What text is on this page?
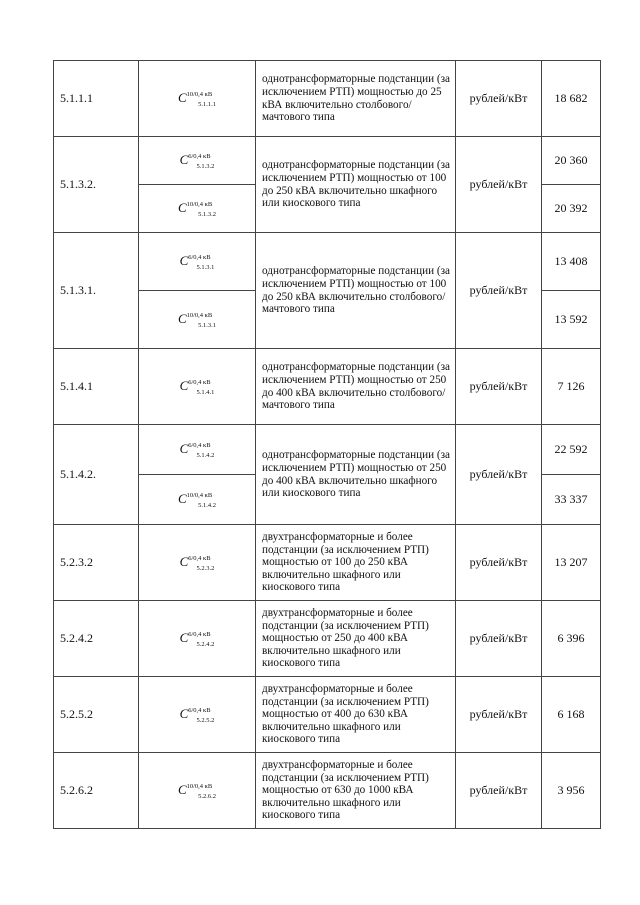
5.1.1.1	$C^{10/0,4 кВ}_{5.1.1.1}$	однотрансформаторные подстанции (за исключением РТП) мощностью до 25 кВА включительно столбового/мачтового типа	рублей/кВт	18 682
5.1.3.2.	$C^{6/0,4 кВ}_{5.1.3.2}$	однотрансформаторные подстанции (за исключением РТП) мощностью от 100 до 250 кВА включительно шкафного или киоскового типа	рублей/кВт	20 360
	$C^{10/0,4 кВ}_{5.1.3.2}$			20 392
5.1.3.1.	$C^{6/0,4 кВ}_{5.1.3.1}$	однотрансформаторные подстанции (за исключением РТП) мощностью от 100 до 250 кВА включительно столбового/мачтового типа	рублей/кВт	13 408
	$C^{10/0,4 кВ}_{5.1.3.1}$			13 592
5.1.4.1	$C^{6/0,4 кВ}_{5.1.4.1}$	однотрансформаторные подстанции (за исключением РТП) мощностью от 250 до 400 кВА включительно столбового/мачтового типа	рублей/кВт	7 126
5.1.4.2.	$C^{6/0,4 кВ}_{5.1.4.2}$	однотрансформаторные подстанции (за исключением РТП) мощностью от 250 до 400 кВА включительно шкафного или киоскового типа	рублей/кВт	22 592
	$C^{10/0,4 кВ}_{5.1.4.2}$			33 337
5.2.3.2	$C^{6/0,4 кВ}_{5.2.3.2}$	двухтрансформаторные и более подстанции (за исключением РТП) мощностью от 100 до 250 кВА включительно шкафного или киоскового типа	рублей/кВт	13 207
5.2.4.2	$C^{6/0,4 кВ}_{5.2.4.2}$	двухтрансформаторные и более подстанции (за исключением РТП) мощностью от 250 до 400 кВА включительно шкафного или киоскового типа	рублей/кВт	6 396
5.2.5.2	$C^{6/0,4 кВ}_{5.2.5.2}$	двухтрансформаторные и более подстанции (за исключением РТП) мощностью от 400 до 630 кВА включительно шкафного или киоскового типа	рублей/кВт	6 168
5.2.6.2	$C^{10/0,4 кВ}_{5.2.6.2}$	двухтрансформаторные и более подстанции (за исключением РТП) мощностью от 630 до 1000 кВА включительно шкафного или киоскового типа	рублей/кВт	3 956
